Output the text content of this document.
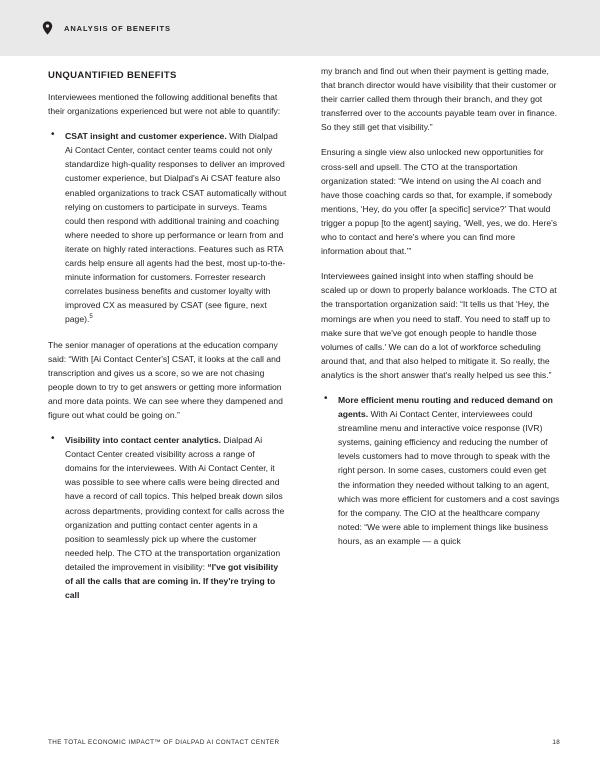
ANALYSIS OF BENEFITS
UNQUANTIFIED BENEFITS

Interviewees mentioned the following additional benefits that their organizations experienced but were not able to quantify:

• CSAT insight and customer experience. With Dialpad Ai Contact Center, contact center teams could not only standardize high-quality responses to deliver an improved customer experience, but Dialpad's Ai CSAT feature also enabled organizations to track CSAT automatically without relying on customers to participate in surveys. Teams could then respond with additional training and coaching where needed to shore up performance or learn from and iterate on highly rated interactions. Features such as RTA cards help ensure all agents had the best, most up-to-the-minute information for customers. Forrester research correlates business benefits and customer loyalty with improved CX as measured by CSAT (see figure, next page).$^5$

The senior manager of operations at the education company said: “With [Ai Contact Center's] CSAT, it looks at the call and transcription and gives us a score, so we are not chasing people down to try to get answers or getting more information and more data points. We can see where they dampened and figure out what could be going on.”

• Visibility into contact center analytics. Dialpad Ai Contact Center created visibility across a range of domains for the interviewees. With Ai Contact Center, it was possible to see where calls were being directed and have a record of call topics. This helped break down silos across departments, providing context for calls across the organization and putting contact center agents in a position to seamlessly pick up where the customer needed help. The CTO at the transportation organization detailed the improvement in visibility: “I've got visibility of all the calls that are coming in. If they're trying to call

my branch and find out when their payment is getting made, that branch director would have visibility that their customer or their carrier called them through their branch, and they got transferred over to the accounts payable team over in finance. So they still get that visibility.”

Ensuring a single view also unlocked new opportunities for cross-sell and upsell. The CTO at the transportation organization stated: “We intend on using the AI coach and have those coaching cards so that, for example, if somebody mentions, ‘Hey, do you offer [a specific] service?’ That would trigger a popup [to the agent] saying, ‘Well, yes, we do. Here's who to contact and here's where you can find more information about that.’”

Interviewees gained insight into when staffing should be scaled up or down to properly balance workloads. The CTO at the transportation organization said: “It tells us that ‘Hey, the mornings are when you need to staff. You need to staff up to make sure that we've got enough people to handle those volumes of calls.' We can do a lot of workforce scheduling around that, and that also helped to mitigate it. So really, the analytics is the short answer that's really helped us see this.”

• More efficient menu routing and reduced demand on agents. With Ai Contact Center, interviewees could streamline menu and interactive voice response (IVR) systems, gaining efficiency and reducing the number of levels customers had to move through to speak with the right person. In some cases, customers could even get the information they needed without talking to an agent, which was more efficient for customers and a cost savings for the company. The CIO at the healthcare company noted: “We were able to implement things like business hours, as an example — a quick
THE TOTAL ECONOMIC IMPACT™ OF DIALPAD AI CONTACT CENTER	18
